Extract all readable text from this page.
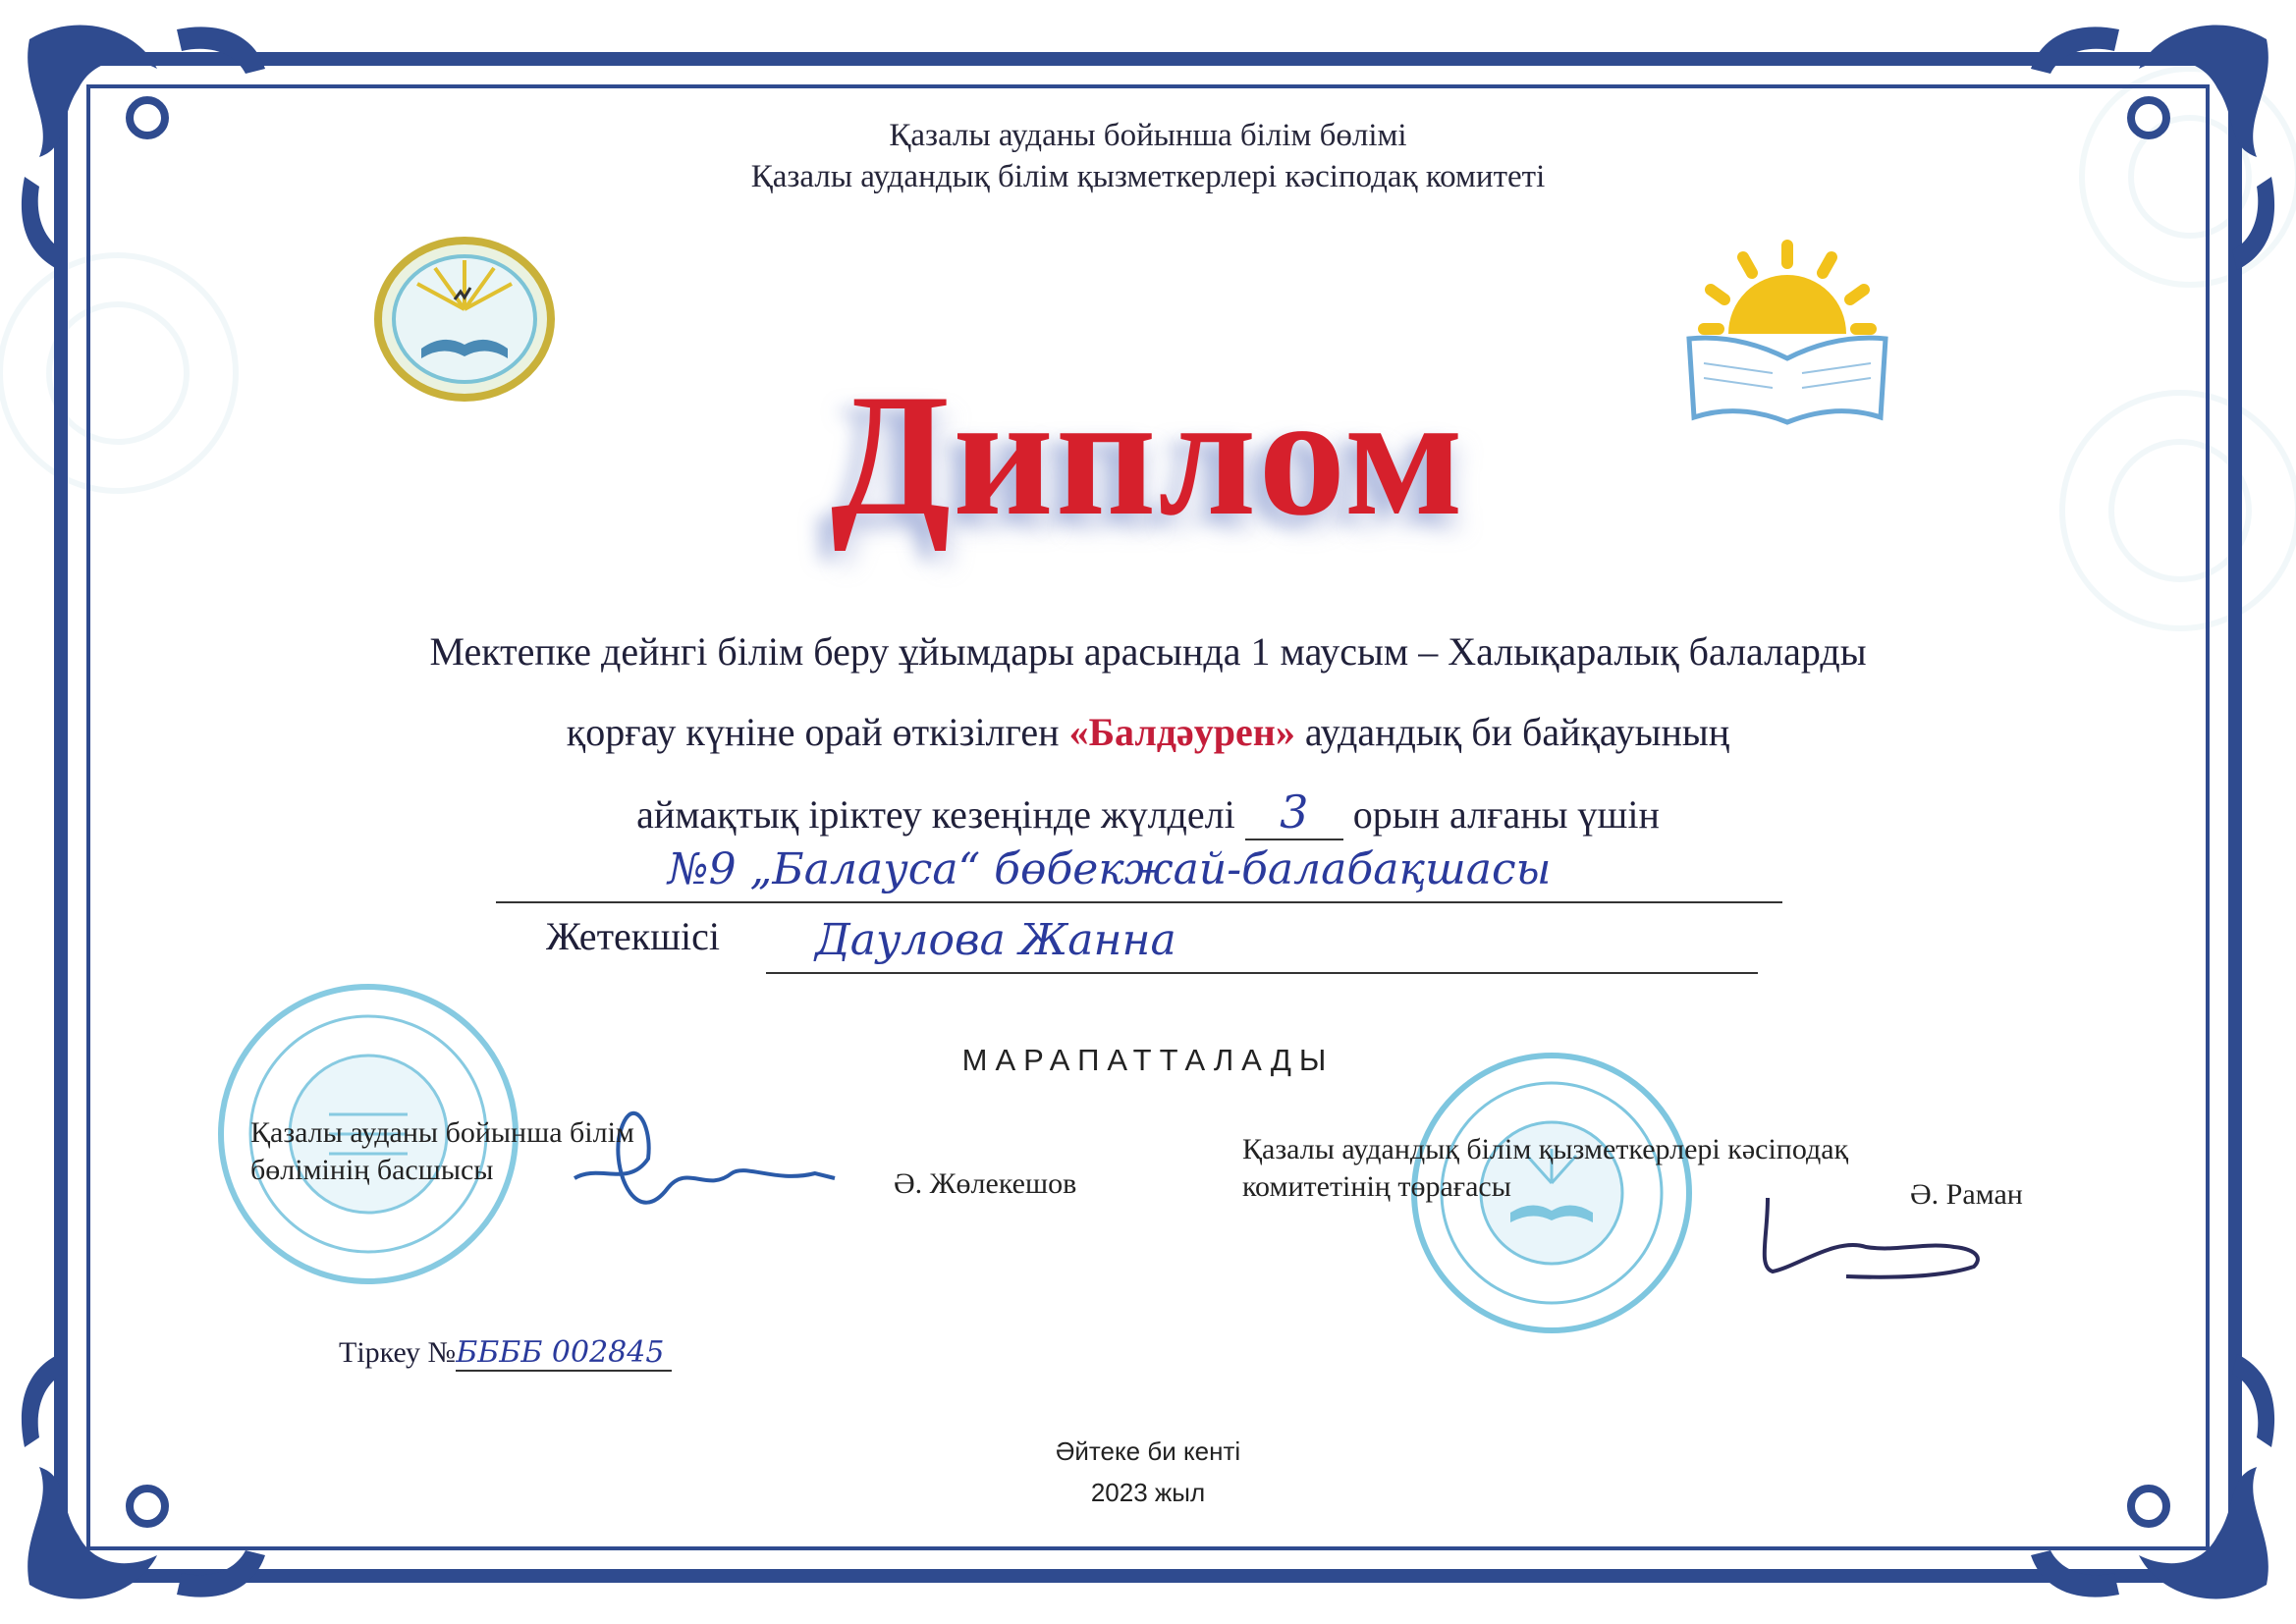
Қазалы ауданы бойынша білім бөлімі
Қазалы аудандық білім қызметкерлері кәсіподақ комитеті
Диплом
Мектепке дейнгі білім беру ұйымдары арасында 1 маусым – Халықаралық балаларды
қорғау күніне орай өткізілген «Балдәурен» аудандық би байқауының
аймақтық іріктеу кезеңінде жүлделі 3 орын алғаны үшін
№9 „Балауса“ бөбекжай-балабақшасы
Жетекшісі Даулова Жанна
МАРАПАТТАЛАДЫ
Қазалы ауданы бойынша білім
бөлімінің басшысы	Ә. Жөлекешов
Қазалы аудандық білім қызметкерлері кәсіподақ
комитетінің төрағасы	Ә. Раман
Тіркеу №ББББ 002845
Әйтеке би кенті
2023 жыл
